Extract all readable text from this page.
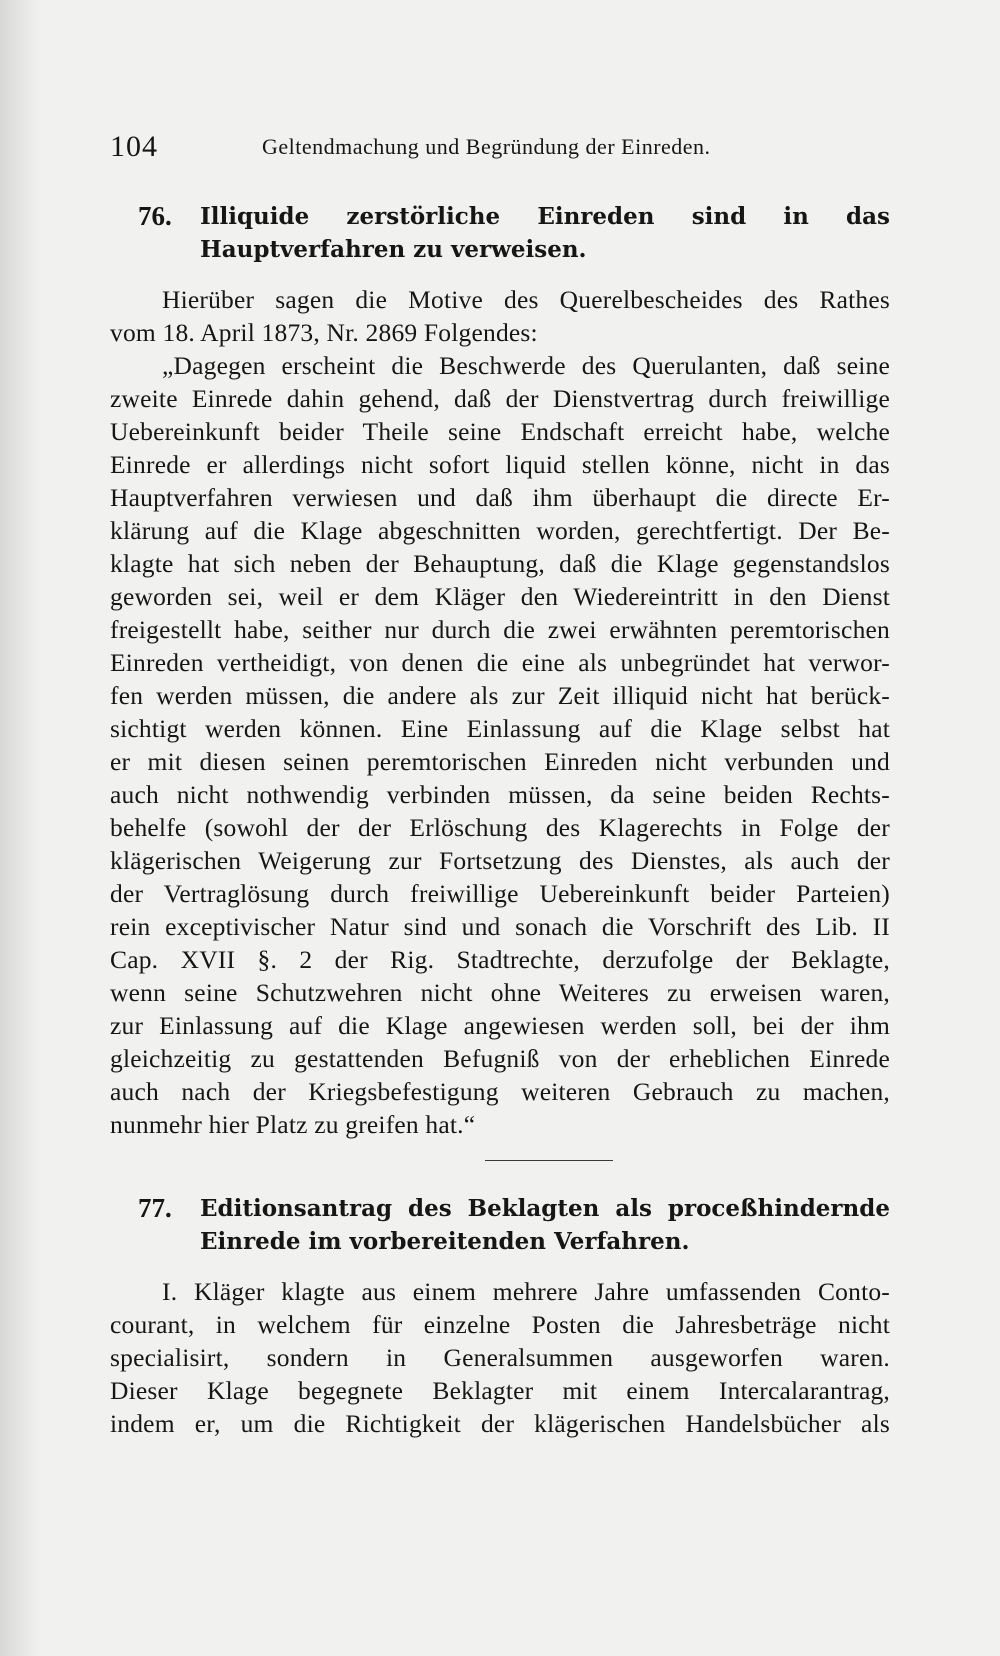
104	Geltendmachung und Begründung der Einreden.
76. Illiquide zerstörliche Einreden sind in das Hauptverfahren zu verweisen.
Hierüber sagen die Motive des Querelbescheides des Rathes
vom 18. April 1873, Nr. 2869 Folgendes:
„Dagegen erscheint die Beschwerde des Querulanten, daß seine
zweite Einrede dahin gehend, daß der Dienstvertrag durch freiwillige
Uebereinkunft beider Theile seine Endschaft erreicht habe, welche
Einrede er allerdings nicht sofort liquid stellen könne, nicht in das
Hauptverfahren verwiesen und daß ihm überhaupt die directe Er-
klärung auf die Klage abgeschnitten worden, gerechtfertigt. Der Be-
klagte hat sich neben der Behauptung, daß die Klage gegenstandslos
geworden sei, weil er dem Kläger den Wiedereintritt in den Dienst
freigestellt habe, seither nur durch die zwei erwähnten peremtorischen
Einreden vertheidigt, von denen die eine als unbegründet hat verwor-
fen werden müssen, die andere als zur Zeit illiquid nicht hat berück-
sichtigt werden können. Eine Einlassung auf die Klage selbst hat
er mit diesen seinen peremtorischen Einreden nicht verbunden und
auch nicht nothwendig verbinden müssen, da seine beiden Rechts-
behelfe (sowohl der der Erlöschung des Klagerechts in Folge der
klägerischen Weigerung zur Fortsetzung des Dienstes, als auch der
der Vertraglösung durch freiwillige Uebereinkunft beider Parteien)
rein exceptivischer Natur sind und sonach die Vorschrift des Lib. II
Cap. XVII §. 2 der Rig. Stadtrechte, derzufolge der Beklagte,
wenn seine Schutzwehren nicht ohne Weiteres zu erweisen waren,
zur Einlassung auf die Klage angewiesen werden soll, bei der ihm
gleichzeitig zu gestattenden Befugniß von der erheblichen Einrede
auch nach der Kriegsbefestigung weiteren Gebrauch zu machen,
nunmehr hier Platz zu greifen hat.“
77. Editionsantrag des Beklagten als proceßhindernde Einrede im vorbereitenden Verfahren.
I. Kläger klagte aus einem mehrere Jahre umfassenden Conto-
courant, in welchem für einzelne Posten die Jahresbeträge nicht
specialisirt, sondern in Generalsummen ausgeworfen waren.
Dieser Klage begegnete Beklagter mit einem Intercalarantrag,
indem er, um die Richtigkeit der klägerischen Handelsbücher als
